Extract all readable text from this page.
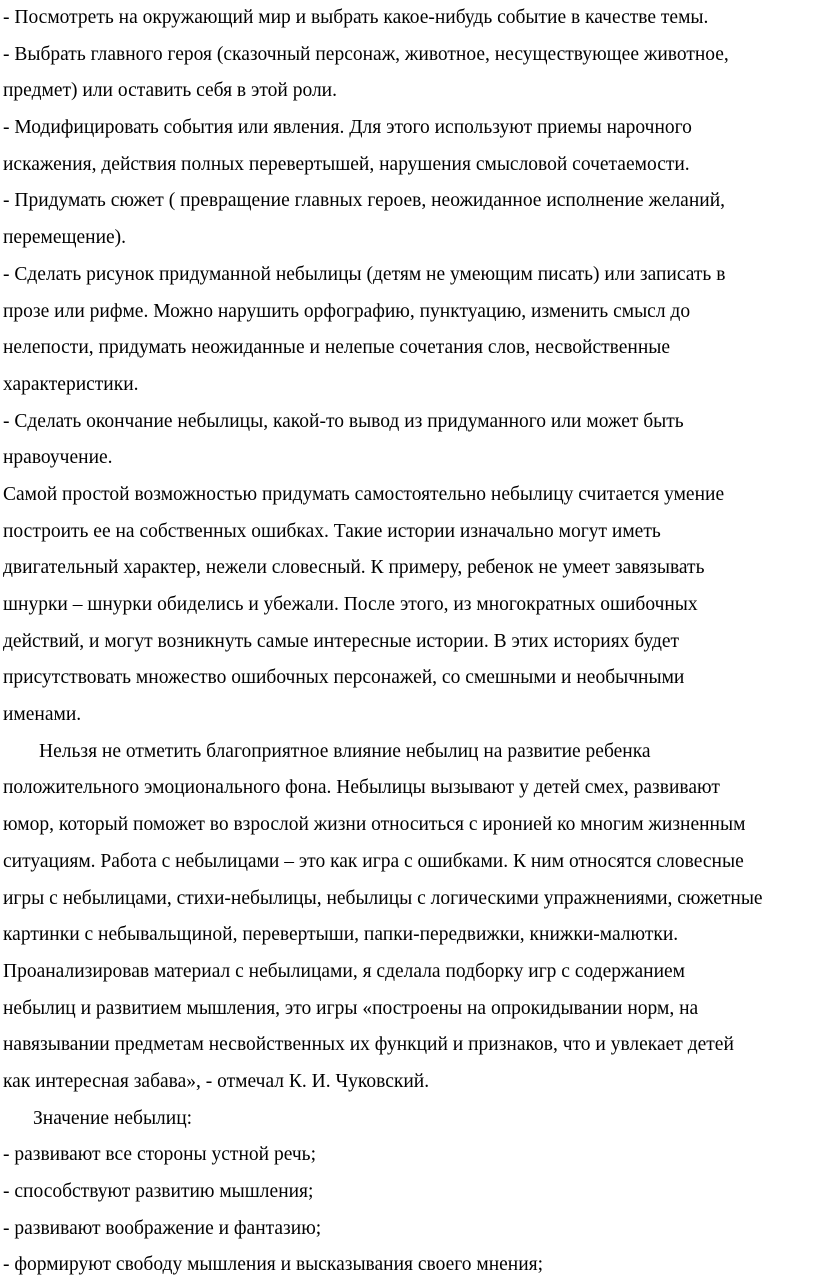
- Посмотреть на окружающий мир и выбрать какое-нибудь событие в качестве темы.
- Выбрать главного героя (сказочный персонаж, животное, несуществующее животное,
предмет) или оставить себя в этой роли.
- Модифицировать события или явления. Для этого используют приемы нарочного
искажения, действия полных перевертышей, нарушения смысловой сочетаемости.
- Придумать сюжет ( превращение главных героев, неожиданное исполнение желаний,
перемещение).
- Сделать рисунок придуманной небылицы (детям не умеющим писать) или записать в
прозе или рифме. Можно нарушить орфографию, пунктуацию, изменить смысл до
нелепости, придумать неожиданные и нелепые сочетания слов, несвойственные
характеристики.
- Сделать окончание небылицы, какой-то вывод из придуманного или может быть
нравоучение.
Самой простой возможностью придумать самостоятельно небылицу считается умение
построить ее на собственных ошибках. Такие истории изначально могут иметь
двигательный характер, нежели словесный. К примеру, ребенок не умеет завязывать
шнурки – шнурки обиделись и убежали. После этого, из многократных ошибочных
действий, и могут возникнуть самые интересные истории. В этих историях будет
присутствовать множество ошибочных персонажей, со смешными и необычными
именами.
Нельзя не отметить благоприятное влияние небылиц на развитие ребенка
положительного эмоционального фона. Небылицы вызывают у детей смех, развивают
юмор, который поможет во взрослой жизни относиться с иронией ко многим жизненным
ситуациям. Работа с небылицами – это как игра с ошибками. К ним относятся словесные
игры с небылицами, стихи-небылицы, небылицы с логическими упражнениями, сюжетные
картинки с небывальщиной, перевертыши, папки-передвижки, книжки-малютки.
Проанализировав материал с небылицами, я сделала подборку игр с содержанием
небылиц и развитием мышления, это игры «построены на опрокидывании норм, на
навязывании предметам несвойственных их функций и признаков, что и увлекает детей
как интересная забава», - отмечал К. И. Чуковский.
Значение небылиц:
- развивают все стороны устной речь;
- способствуют развитию мышления;
- развивают воображение и фантазию;
- формируют свободу мышления и высказывания своего мнения;
